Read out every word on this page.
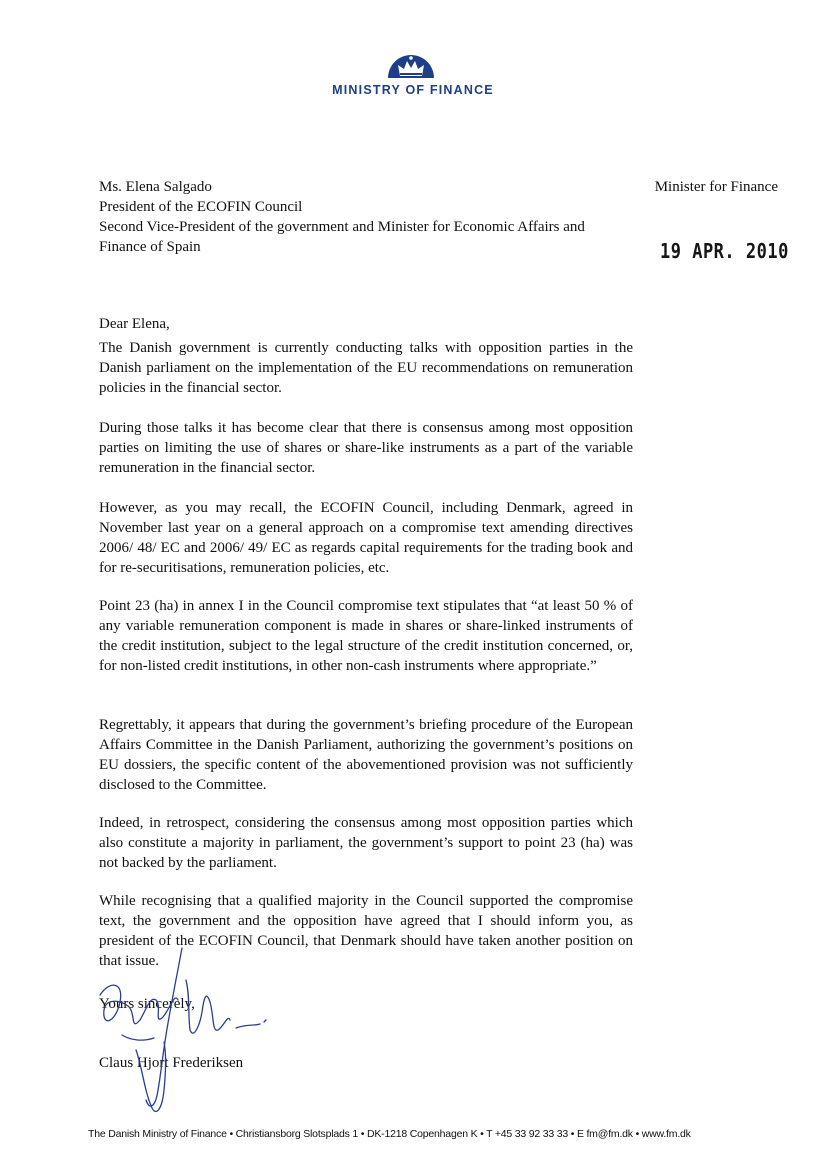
MINISTRY OF FINANCE
Ms. Elena Salgado
President of the ECOFIN Council
Second Vice-President of the government and Minister for Economic Affairs and
Finance of Spain
Minister for Finance
19 APR. 2010
Dear Elena,

The Danish government is currently conducting talks with opposition parties in the Danish parliament on the implementation of the EU recommendations on remuneration policies in the financial sector.

During those talks it has become clear that there is consensus among most opposition parties on limiting the use of shares or share-like instruments as a part of the variable remuneration in the financial sector.

However, as you may recall, the ECOFIN Council, including Denmark, agreed in November last year on a general approach on a compromise text amending directives 2006/ 48/ EC and 2006/ 49/ EC as regards capital requirements for the trading book and for re-securitisations, remuneration policies, etc.

Point 23 (ha) in annex I in the Council compromise text stipulates that “at least 50 % of any variable remuneration component is made in shares or share-linked instruments of the credit institution, subject to the legal structure of the credit institution concerned, or, for non-listed credit institutions, in other non-cash instruments where appropriate.”

Regrettably, it appears that during the government’s briefing procedure of the European Affairs Committee in the Danish Parliament, authorizing the government’s positions on EU dossiers, the specific content of the abovementioned provision was not sufficiently disclosed to the Committee.

Indeed, in retrospect, considering the consensus among most opposition parties which also constitute a majority in parliament, the government’s support to point 23 (ha) was not backed by the parliament.

While recognising that a qualified majority in the Council supported the compromise text, the government and the opposition have agreed that I should inform you, as president of the ECOFIN Council, that Denmark should have taken another position on that issue.

Yours sincerely,
Claus Hjort Frederiksen
The Danish Ministry of Finance • Christiansborg Slotsplads 1 • DK-1218 Copenhagen K • T +45 33 92 33 33 • E fm@fm.dk • www.fm.dk
